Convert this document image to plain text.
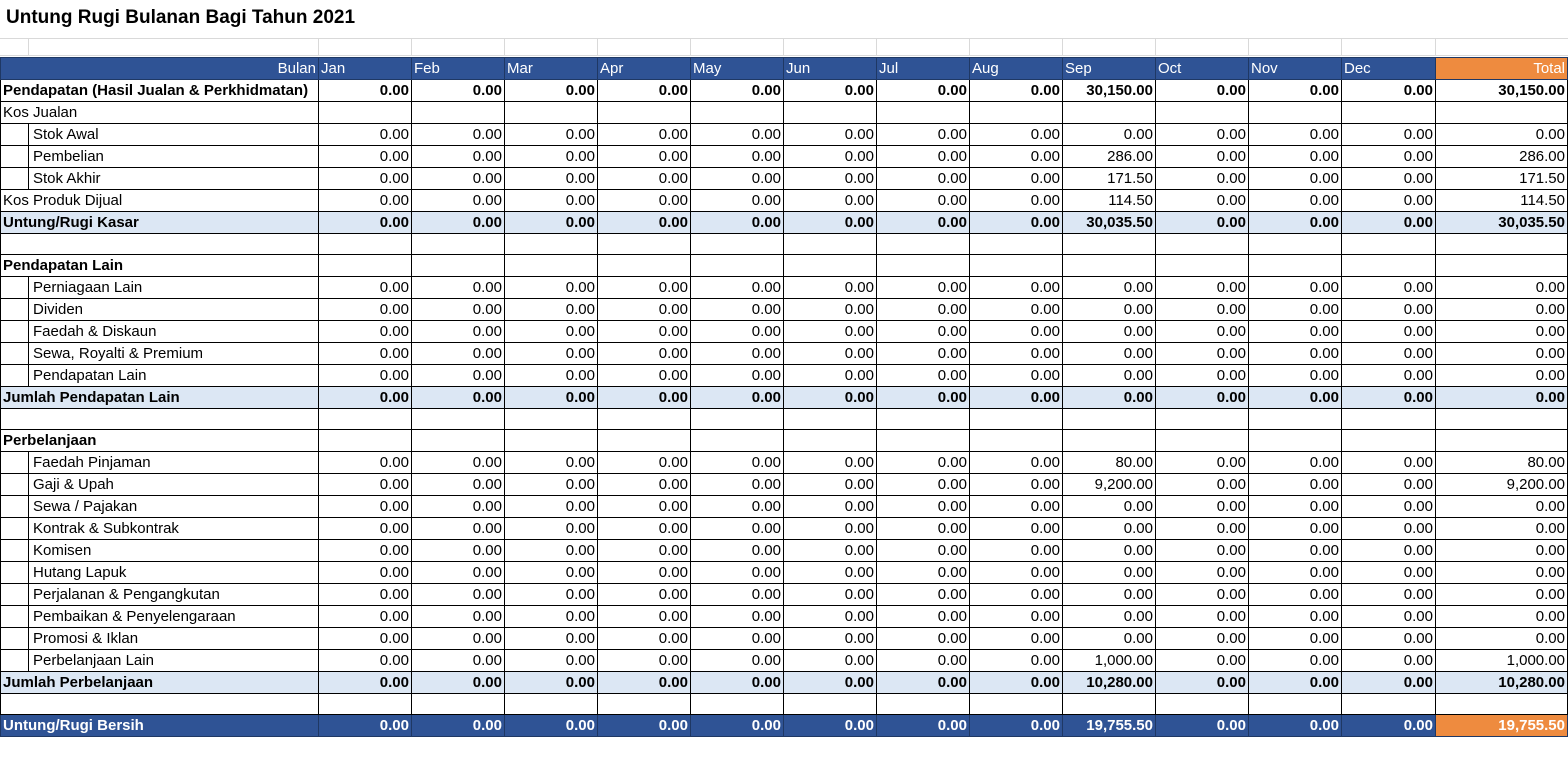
Untung Rugi Bulanan Bagi Tahun 2021
Bulan	Jan	Feb	Mar	Apr	May	Jun	Jul	Aug	Sep	Oct	Nov	Dec	Total
Pendapatan (Hasil Jualan & Perkhidmatan)	0.00	0.00	0.00	0.00	0.00	0.00	0.00	0.00	30,150.00	0.00	0.00	0.00	30,150.00
Kos Jualan													

Stok Awal	0.00	0.00	0.00	0.00	0.00	0.00	0.00	0.00	0.00	0.00	0.00	0.00	0.00

Pembelian	0.00	0.00	0.00	0.00	0.00	0.00	0.00	0.00	286.00	0.00	0.00	0.00	286.00

Stok Akhir	0.00	0.00	0.00	0.00	0.00	0.00	0.00	0.00	171.50	0.00	0.00	0.00	171.50
Kos Produk Dijual	0.00	0.00	0.00	0.00	0.00	0.00	0.00	0.00	114.50	0.00	0.00	0.00	114.50
Untung/Rugi Kasar	0.00	0.00	0.00	0.00	0.00	0.00	0.00	0.00	30,035.50	0.00	0.00	0.00	30,035.50

Pendapatan Lain													

Perniagaan Lain	0.00	0.00	0.00	0.00	0.00	0.00	0.00	0.00	0.00	0.00	0.00	0.00	0.00

Dividen	0.00	0.00	0.00	0.00	0.00	0.00	0.00	0.00	0.00	0.00	0.00	0.00	0.00

Faedah & Diskaun	0.00	0.00	0.00	0.00	0.00	0.00	0.00	0.00	0.00	0.00	0.00	0.00	0.00

Sewa, Royalti & Premium	0.00	0.00	0.00	0.00	0.00	0.00	0.00	0.00	0.00	0.00	0.00	0.00	0.00

Pendapatan Lain	0.00	0.00	0.00	0.00	0.00	0.00	0.00	0.00	0.00	0.00	0.00	0.00	0.00
Jumlah Pendapatan Lain	0.00	0.00	0.00	0.00	0.00	0.00	0.00	0.00	0.00	0.00	0.00	0.00	0.00

Perbelanjaan													

Faedah Pinjaman	0.00	0.00	0.00	0.00	0.00	0.00	0.00	0.00	80.00	0.00	0.00	0.00	80.00

Gaji & Upah	0.00	0.00	0.00	0.00	0.00	0.00	0.00	0.00	9,200.00	0.00	0.00	0.00	9,200.00

Sewa / Pajakan	0.00	0.00	0.00	0.00	0.00	0.00	0.00	0.00	0.00	0.00	0.00	0.00	0.00

Kontrak & Subkontrak	0.00	0.00	0.00	0.00	0.00	0.00	0.00	0.00	0.00	0.00	0.00	0.00	0.00

Komisen	0.00	0.00	0.00	0.00	0.00	0.00	0.00	0.00	0.00	0.00	0.00	0.00	0.00

Hutang Lapuk	0.00	0.00	0.00	0.00	0.00	0.00	0.00	0.00	0.00	0.00	0.00	0.00	0.00

Perjalanan & Pengangkutan	0.00	0.00	0.00	0.00	0.00	0.00	0.00	0.00	0.00	0.00	0.00	0.00	0.00

Pembaikan & Penyelengaraan	0.00	0.00	0.00	0.00	0.00	0.00	0.00	0.00	0.00	0.00	0.00	0.00	0.00

Promosi & Iklan	0.00	0.00	0.00	0.00	0.00	0.00	0.00	0.00	0.00	0.00	0.00	0.00	0.00

Perbelanjaan Lain	0.00	0.00	0.00	0.00	0.00	0.00	0.00	0.00	1,000.00	0.00	0.00	0.00	1,000.00
Jumlah Perbelanjaan	0.00	0.00	0.00	0.00	0.00	0.00	0.00	0.00	10,280.00	0.00	0.00	0.00	10,280.00

Untung/Rugi Bersih	0.00	0.00	0.00	0.00	0.00	0.00	0.00	0.00	19,755.50	0.00	0.00	0.00	19,755.50
